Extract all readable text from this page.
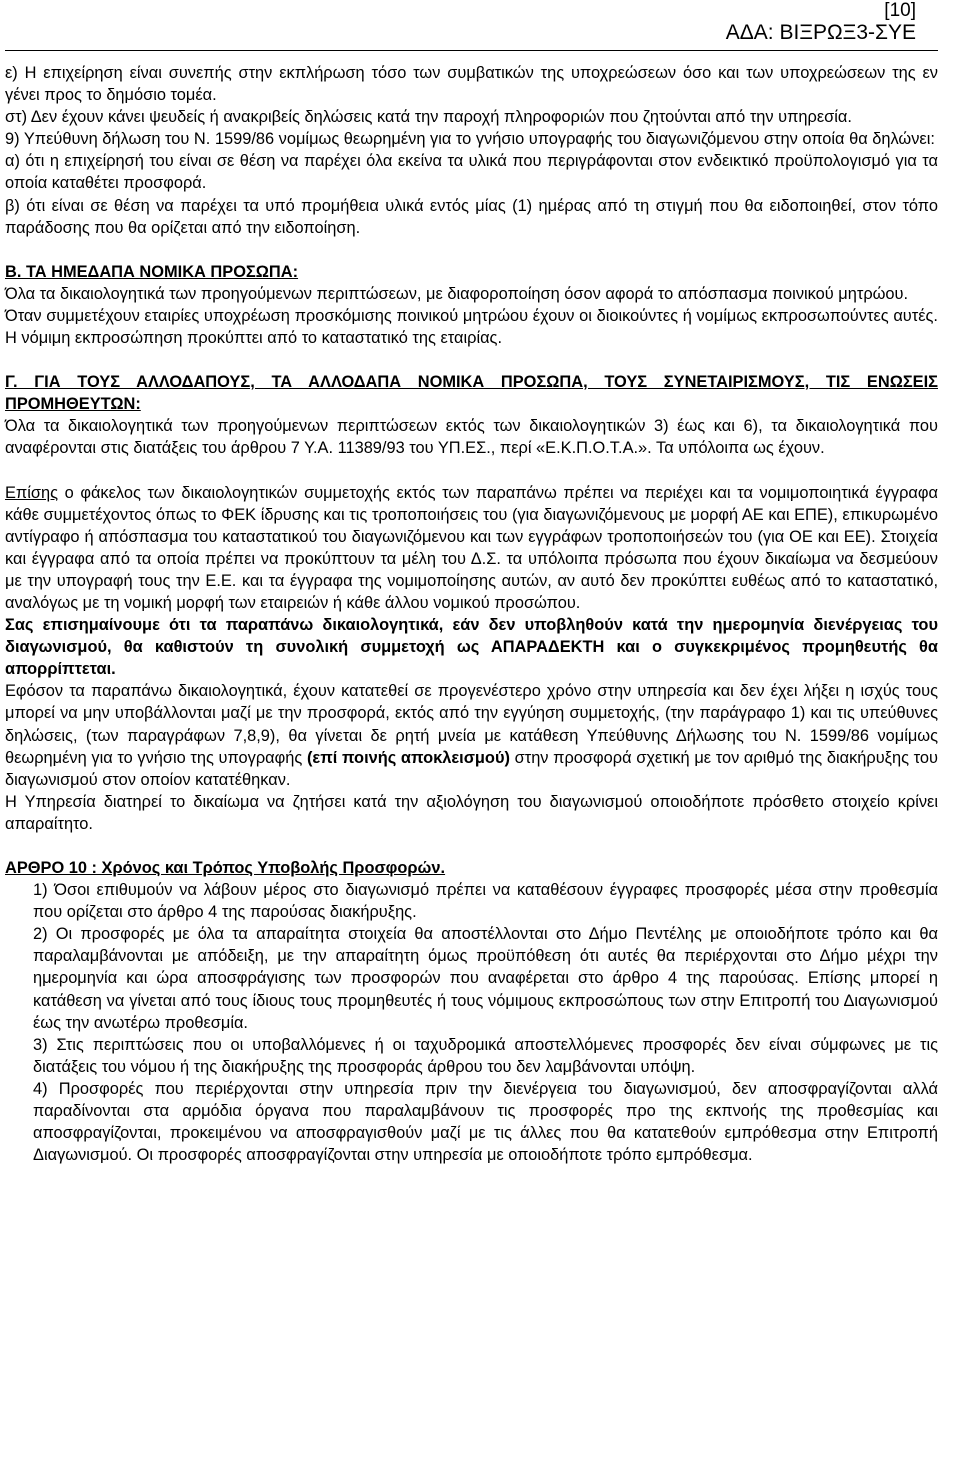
[10]
ΑΔΑ: ΒΙΞΡΩΞ3-ΣΥΕ

ε) Η επιχείρηση είναι συνεπής στην εκπλήρωση τόσο των συμβατικών της υποχρεώσεων όσο και των υποχρεώσεων της εν γένει προς το δημόσιο τομέα.

στ) Δεν έχουν κάνει ψευδείς ή ανακριβείς δηλώσεις κατά την παροχή πληροφοριών που ζητούνται από την υπηρεσία.

9) Υπεύθυνη δήλωση του Ν. 1599/86 νομίμως θεωρημένη για το γνήσιο υπογραφής του διαγωνιζόμενου στην οποία θα δηλώνει:

α) ότι η επιχείρησή του είναι σε θέση να παρέχει όλα εκείνα τα υλικά που περιγράφονται στον ενδεικτικό προϋπολογισμό για τα οποία καταθέτει προσφορά.

β) ότι είναι σε θέση να παρέχει τα υπό προμήθεια υλικά εντός μίας (1) ημέρας από τη στιγμή που θα ειδοποιηθεί, στον τόπο παράδοσης που θα ορίζεται από την ειδοποίηση.

Β. ΤΑ ΗΜΕΔΑΠΑ ΝΟΜΙΚΑ ΠΡΟΣΩΠΑ:

Όλα τα δικαιολογητικά των προηγούμενων περιπτώσεων, με διαφοροποίηση όσον αφορά το απόσπασμα ποινικού μητρώου.

Όταν συμμετέχουν εταιρίες υποχρέωση προσκόμισης ποινικού μητρώου έχουν οι διοικούντες ή νομίμως εκπροσωπούντες αυτές. Η νόμιμη εκπροσώπηση προκύπτει από το καταστατικό της εταιρίας.

Γ. ΓΙΑ ΤΟΥΣ ΑΛΛΟΔΑΠΟΥΣ, ΤΑ ΑΛΛΟΔΑΠΑ ΝΟΜΙΚΑ ΠΡΟΣΩΠΑ, ΤΟΥΣ ΣΥΝΕΤΑΙΡΙΣΜΟΥΣ, ΤΙΣ ΕΝΩΣΕΙΣ ΠΡΟΜΗΘΕΥΤΩΝ:

Όλα τα δικαιολογητικά των προηγούμενων περιπτώσεων εκτός των δικαιολογητικών 3) έως και 6), τα δικαιολογητικά που αναφέρονται στις διατάξεις του άρθρου 7 Υ.Α. 11389/93 του ΥΠ.ΕΣ., περί «Ε.Κ.Π.Ο.Τ.Α.». Τα υπόλοιπα ως έχουν.

Επίσης ο φάκελος των δικαιολογητικών συμμετοχής εκτός των παραπάνω πρέπει να περιέχει και τα νομιμοποιητικά έγγραφα κάθε συμμετέχοντος όπως το ΦΕΚ ίδρυσης και τις τροποποιήσεις του (για διαγωνιζόμενους με μορφή ΑΕ και ΕΠΕ), επικυρωμένο αντίγραφο ή απόσπασμα του καταστατικού του διαγωνιζόμενου και των εγγράφων τροποποιήσεών του (για ΟΕ και ΕΕ). Στοιχεία και έγγραφα από τα οποία πρέπει να προκύπτουν τα μέλη του Δ.Σ. τα υπόλοιπα πρόσωπα που έχουν δικαίωμα να δεσμεύουν με την υπογραφή τους την Ε.Ε. και τα έγγραφα της νομιμοποίησης αυτών, αν αυτό δεν προκύπτει ευθέως από το καταστατικό, αναλόγως με τη νομική μορφή των εταιρειών ή κάθε άλλου νομικού προσώπου.

Σας επισημαίνουμε ότι τα παραπάνω δικαιολογητικά, εάν δεν υποβληθούν κατά την ημερομηνία διενέργειας του διαγωνισμού, θα καθιστούν τη συνολική συμμετοχή ως ΑΠΑΡΑΔΕΚΤΗ και ο συγκεκριμένος προμηθευτής θα απορρίπτεται.

Εφόσον τα παραπάνω δικαιολογητικά, έχουν κατατεθεί σε προγενέστερο χρόνο στην υπηρεσία και δεν έχει λήξει η ισχύς τους μπορεί να μην υποβάλλονται μαζί με την προσφορά, εκτός από την εγγύηση συμμετοχής, (την παράγραφο 1) και τις υπεύθυνες δηλώσεις, (των παραγράφων 7,8,9), θα γίνεται δε ρητή μνεία με κατάθεση Υπεύθυνης Δήλωσης του Ν. 1599/86 νομίμως θεωρημένη για το γνήσιο της υπογραφής (επί ποινής αποκλεισμού) στην προσφορά σχετική με τον αριθμό της διακήρυξης του διαγωνισμού στον οποίον κατατέθηκαν.

Η Υπηρεσία διατηρεί το δικαίωμα να ζητήσει κατά την αξιολόγηση του διαγωνισμού οποιοδήποτε πρόσθετο στοιχείο κρίνει απαραίτητο.

ΑΡΘΡΟ 10 : Χρόνος και Τρόπος Υποβολής Προσφορών.

1) Όσοι επιθυμούν να λάβουν μέρος στο διαγωνισμό πρέπει να καταθέσουν έγγραφες προσφορές μέσα στην προθεσμία που ορίζεται στο άρθρο 4 της παρούσας διακήρυξης.

2) Οι προσφορές με όλα τα απαραίτητα στοιχεία θα αποστέλλονται στο Δήμο Πεντέλης με οποιοδήποτε τρόπο και θα παραλαμβάνονται με απόδειξη, με την απαραίτητη όμως προϋπόθεση ότι αυτές θα περιέρχονται στο Δήμο μέχρι την ημερομηνία και ώρα αποσφράγισης των προσφορών που αναφέρεται στο άρθρο 4 της παρούσας. Επίσης μπορεί η κατάθεση να γίνεται από τους ίδιους τους προμηθευτές ή τους νόμιμους εκπροσώπους των στην Επιτροπή του Διαγωνισμού έως την ανωτέρω προθεσμία.

3) Στις περιπτώσεις που οι υποβαλλόμενες ή οι ταχυδρομικά αποστελλόμενες προσφορές δεν είναι σύμφωνες με τις διατάξεις του νόμου ή της διακήρυξης της προσφοράς άρθρου του δεν λαμβάνονται υπόψη.

4) Προσφορές που περιέρχονται στην υπηρεσία πριν την διενέργεια του διαγωνισμού, δεν αποσφραγίζονται αλλά παραδίνονται στα αρμόδια όργανα που παραλαμβάνουν τις προσφορές προ της εκπνοής της προθεσμίας και αποσφραγίζονται, προκειμένου να αποσφραγισθούν μαζί με τις άλλες που θα κατατεθούν εμπρόθεσμα στην Επιτροπή Διαγωνισμού. Οι προσφορές αποσφραγίζονται στην υπηρεσία με οποιοδήποτε τρόπο εμπρόθεσμα.
